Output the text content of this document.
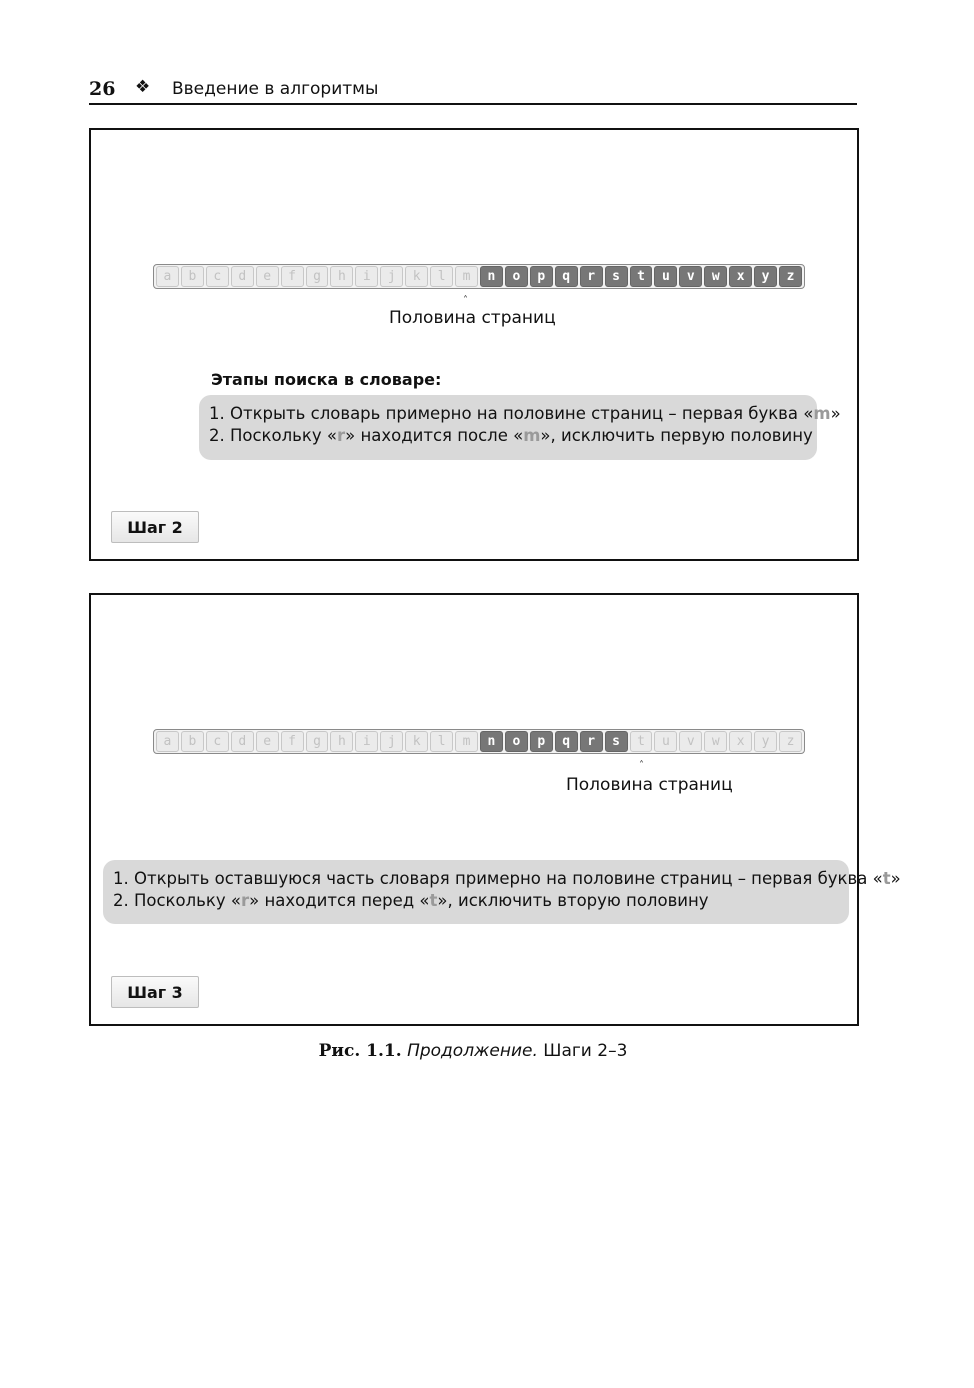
26 ❖ Введение в алгоритмы
a	b	c	d	e	f	g	h	i	j	k	l	m	n	o	p	q	r	s	t	u	v	w	x	y	z
˄
Половина страниц
Этапы поиска в словаре:
1. Открыть словарь примерно на половине страниц – первая буква «m»
2. Поскольку «r» находится после «m», исключить первую половину
Шаг 2
a	b	c	d	e	f	g	h	i	j	k	l	m	n	o	p	q	r	s	t	u	v	w	x	y	z
˄
Половина страниц
1. Открыть оставшуюся часть словаря примерно на половине страниц – первая буква «t»
2. Поскольку «r» находится перед «t», исключить вторую половину
Шаг 3
Рис. 1.1. Продолжение. Шаги 2–3
